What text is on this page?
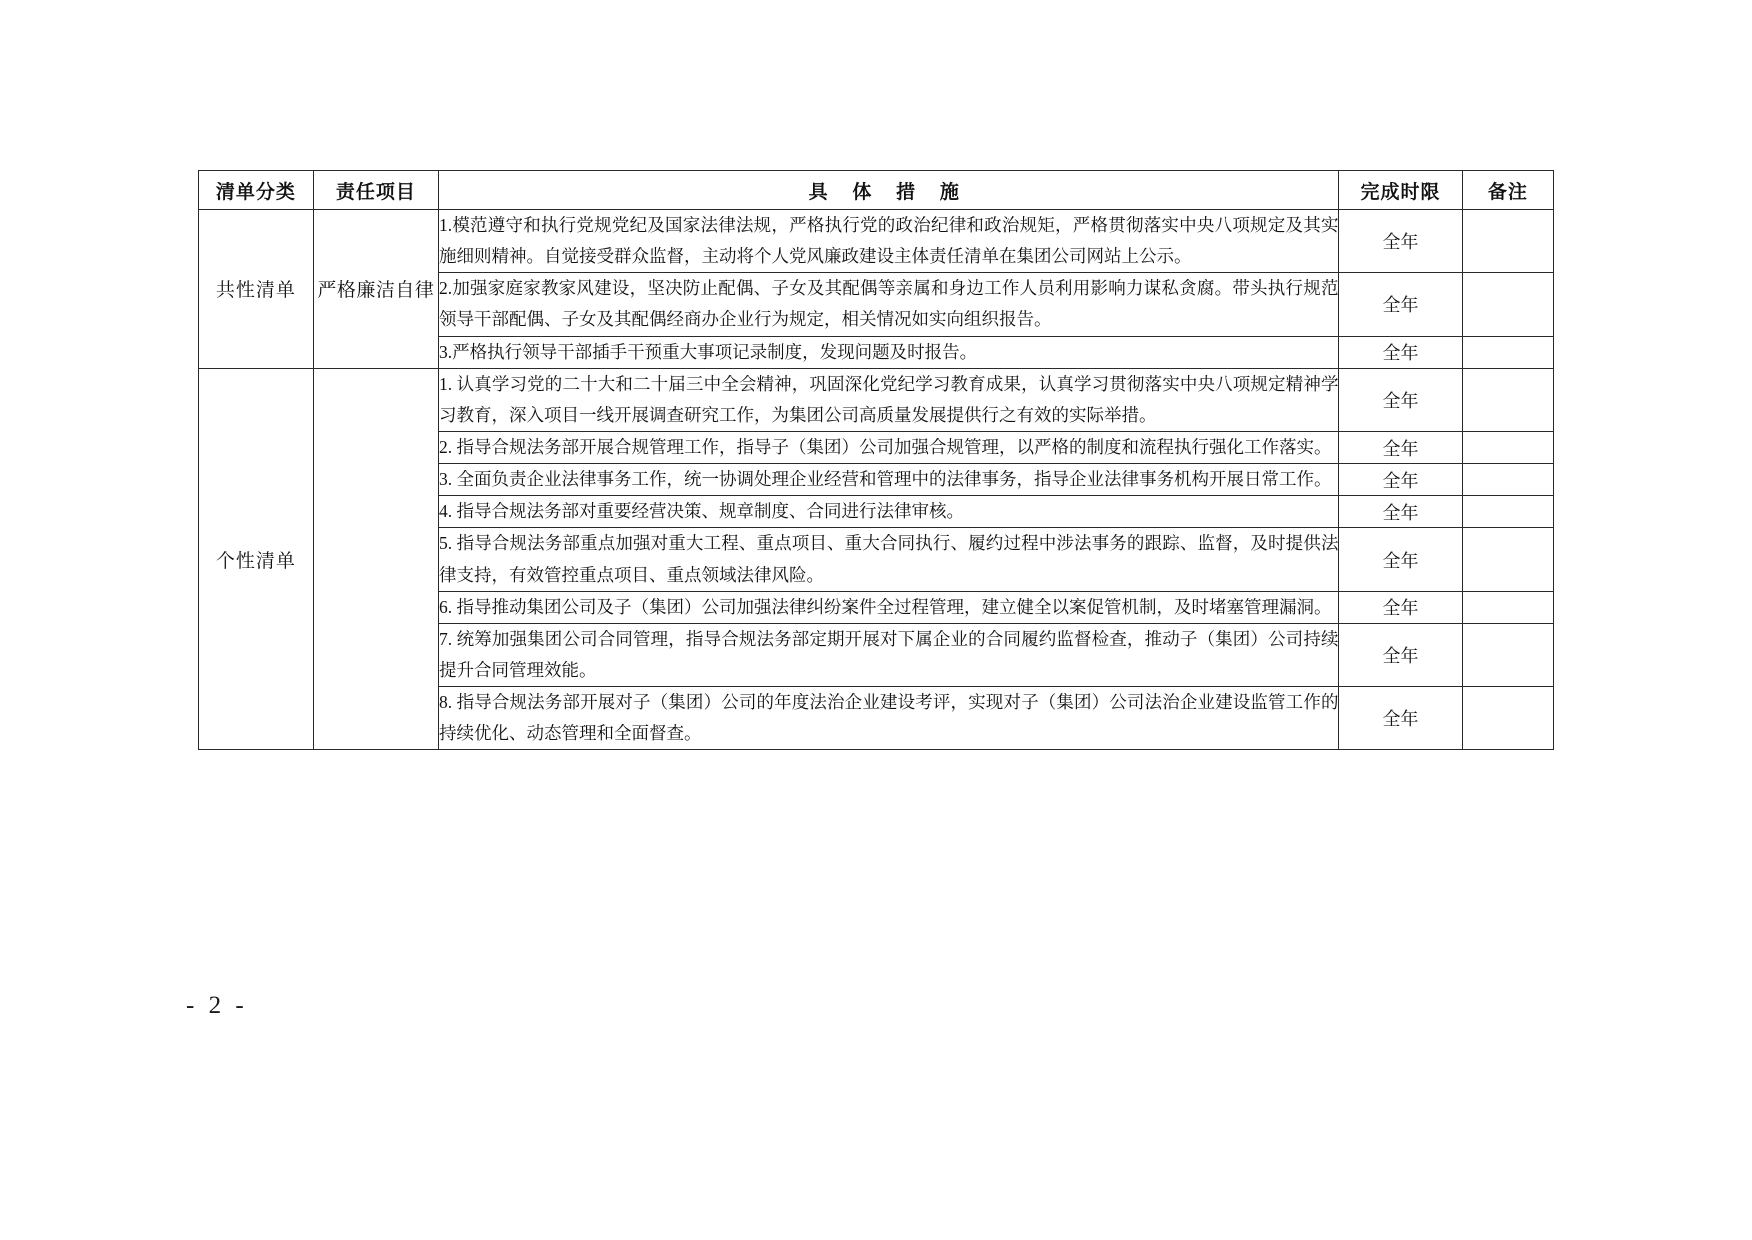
清单分类	责任项目	具 体 措 施	完成时限	备注
共性清单	严格廉洁自律	1.模范遵守和执行党规党纪及国家法律法规，严格执行党的政治纪律和政治规矩，严格贯彻落实中央八项规定及其实施细则精神。自觉接受群众监督，主动将个人党风廉政建设主体责任清单在集团公司网站上公示。	全年	
		2.加强家庭家教家风建设，坚决防止配偶、子女及其配偶等亲属和身边工作人员利用影响力谋私贪腐。带头执行规范领导干部配偶、子女及其配偶经商办企业行为规定，相关情况如实向组织报告。	全年	
		3.严格执行领导干部插手干预重大事项记录制度，发现问题及时报告。	全年	
个性清单		1. 认真学习党的二十大和二十届三中全会精神，巩固深化党纪学习教育成果，认真学习贯彻落实中央八项规定精神学习教育，深入项目一线开展调查研究工作，为集团公司高质量发展提供行之有效的实际举措。	全年	
		2. 指导合规法务部开展合规管理工作，指导子（集团）公司加强合规管理，以严格的制度和流程执行强化工作落实。	全年	
		3. 全面负责企业法律事务工作，统一协调处理企业经营和管理中的法律事务，指导企业法律事务机构开展日常工作。	全年	
		4. 指导合规法务部对重要经营决策、规章制度、合同进行法律审核。	全年	
		5. 指导合规法务部重点加强对重大工程、重点项目、重大合同执行、履约过程中涉法事务的跟踪、监督，及时提供法律支持，有效管控重点项目、重点领域法律风险。	全年	
		6. 指导推动集团公司及子（集团）公司加强法律纠纷案件全过程管理，建立健全以案促管机制，及时堵塞管理漏洞。	全年	
		7. 统筹加强集团公司合同管理，指导合规法务部定期开展对下属企业的合同履约监督检查，推动子（集团）公司持续提升合同管理效能。	全年	
		8. 指导合规法务部开展对子（集团）公司的年度法治企业建设考评，实现对子（集团）公司法治企业建设监管工作的持续优化、动态管理和全面督查。	全年	
- 2 -
